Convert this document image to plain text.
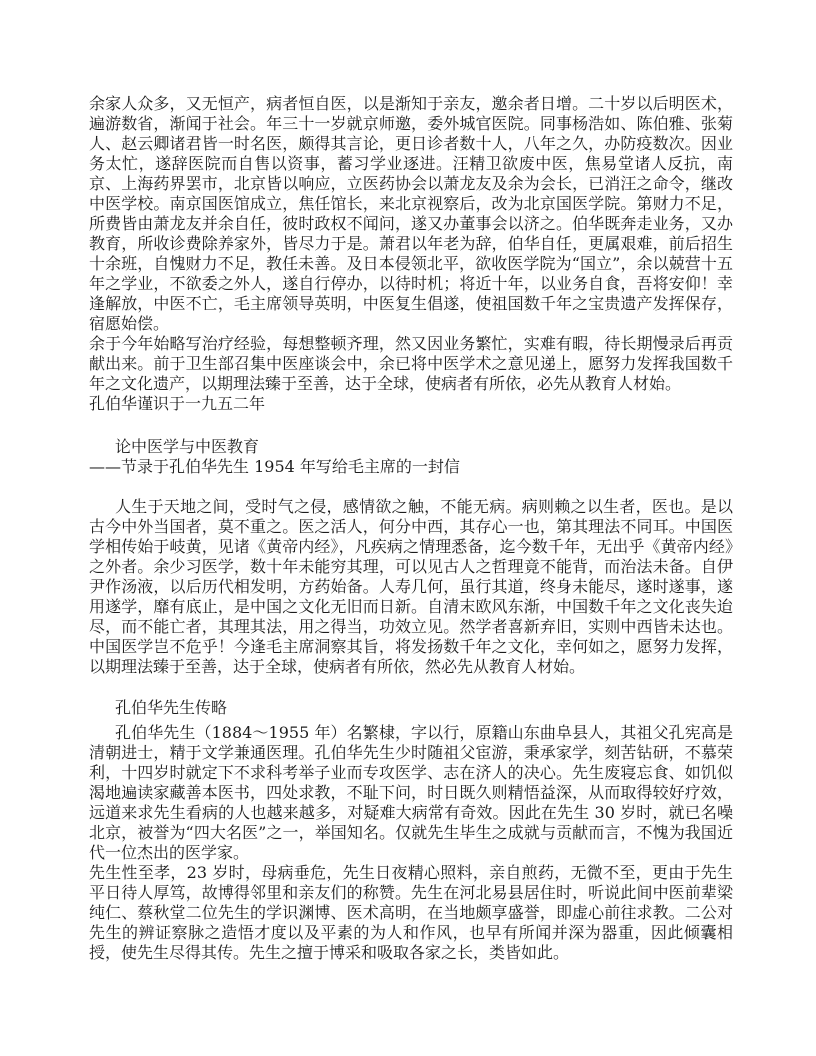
余家人众多，又无恒产，病者恒自医，以是渐知于亲友，邀余者日增。二十岁以后明医术，遍游数省，渐闻于社会。年三十一岁就京师邀，委外城官医院。同事杨浩如、陈伯雅、张菊人、赵云卿诸君皆一时名医，颇得其言论，更日诊者数十人，八年之久，办防疫数次。因业务太忙，遂辞医院而自售以资事，蓄习学业逐进。汪精卫欲废中医，焦易堂诸人反抗，南京、上海药界罢市，北京皆以响应，立医药协会以萧龙友及余为会长，已消汪之命令，继改中医学校。南京国医馆成立，焦任馆长，来北京视察后，改为北京国医学院。第财力不足，所费皆由萧龙友并余自任，彼时政权不闻问，遂又办董事会以济之。伯华既奔走业务，又办教育，所收诊费除养家外，皆尽力于是。萧君以年老为辞，伯华自任，更属艰难，前后招生十余班，自愧财力不足，教任未善。及日本侵领北平，欲收医学院为“国立”，余以兢营十五年之学业，不欲委之外人，遂自行停办，以待时机；将近十年，以业务自食，吾将安仰！幸逢解放，中医不亡，毛主席领导英明，中医复生倡遂，使祖国数千年之宝贵遗产发挥保存，宿愿始偿。

余于今年始略写治疗经验，每想整顿齐理，然又因业务繁忙，实难有暇，待长期慢录后再贡献出来。前于卫生部召集中医座谈会中，余已将中医学术之意见递上，愿努力发挥我国数千年之文化遗产，以期理法臻于至善，达于全球，使病者有所依，必先从教育人材始。

孔伯华谨识于一九五二年

论中医学与中医教育

——节录于孔伯华先生 1954 年写给毛主席的一封信

人生于天地之间，受时气之侵，感情欲之触，不能无病。病则赖之以生者，医也。是以古今中外当国者，莫不重之。医之活人，何分中西，其存心一也，第其理法不同耳。中国医学相传始于岐黄，见诸《黄帝内经》，凡疾病之情理悉备，迄今数千年，无出乎《黄帝内经》之外者。余少习医学，数十年未能穷其理，可以见古人之哲理竟不能背，而治法未备。自伊尹作汤液，以后历代相发明，方药始备。人寿几何，虽行其道，终身未能尽，遂时遂事，遂用遂学，靡有底止，是中国之文化无旧而日新。自清末欧风东渐，中国数千年之文化丧失迨尽，而不能亡者，其理其法，用之得当，功效立见。然学者喜新弃旧，实则中西皆未达也。中国医学岂不危乎！今逢毛主席洞察其旨，将发扬数千年之文化，幸何如之，愿努力发挥，以期理法臻于至善，达于全球，使病者有所依，然必先从教育人材始。

孔伯华先生传略

孔伯华先生（1884～1955 年）名繁棣，字以行，原籍山东曲阜县人，其祖父孔宪高是清朝进士，精于文学兼通医理。孔伯华先生少时随祖父宦游，秉承家学，刻苦钻研，不慕荣利，十四岁时就定下不求科考举子业而专攻医学、志在济人的决心。先生废寝忘食、如饥似渴地遍读家藏善本医书，四处求教，不耻下问，时日既久则精悟益深，从而取得较好疗效，远道来求先生看病的人也越来越多，对疑难大病常有奇效。因此在先生 30 岁时，就已名噪北京，被誉为“四大名医”之一，举国知名。仅就先生毕生之成就与贡献而言，不愧为我国近代一位杰出的医学家。

先生性至孝，23 岁时，母病垂危，先生日夜精心照料，亲自煎药，无微不至，更由于先生平日待人厚笃，故博得邻里和亲友们的称赞。先生在河北易县居住时，听说此间中医前辈梁纯仁、蔡秋堂二位先生的学识渊博、医术高明，在当地颇享盛誉，即虚心前往求教。二公对先生的辨证察脉之造悟才度以及平素的为人和作风，也早有所闻并深为器重，因此倾囊相授，使先生尽得其传。先生之擅于博采和吸取各家之长，类皆如此。
